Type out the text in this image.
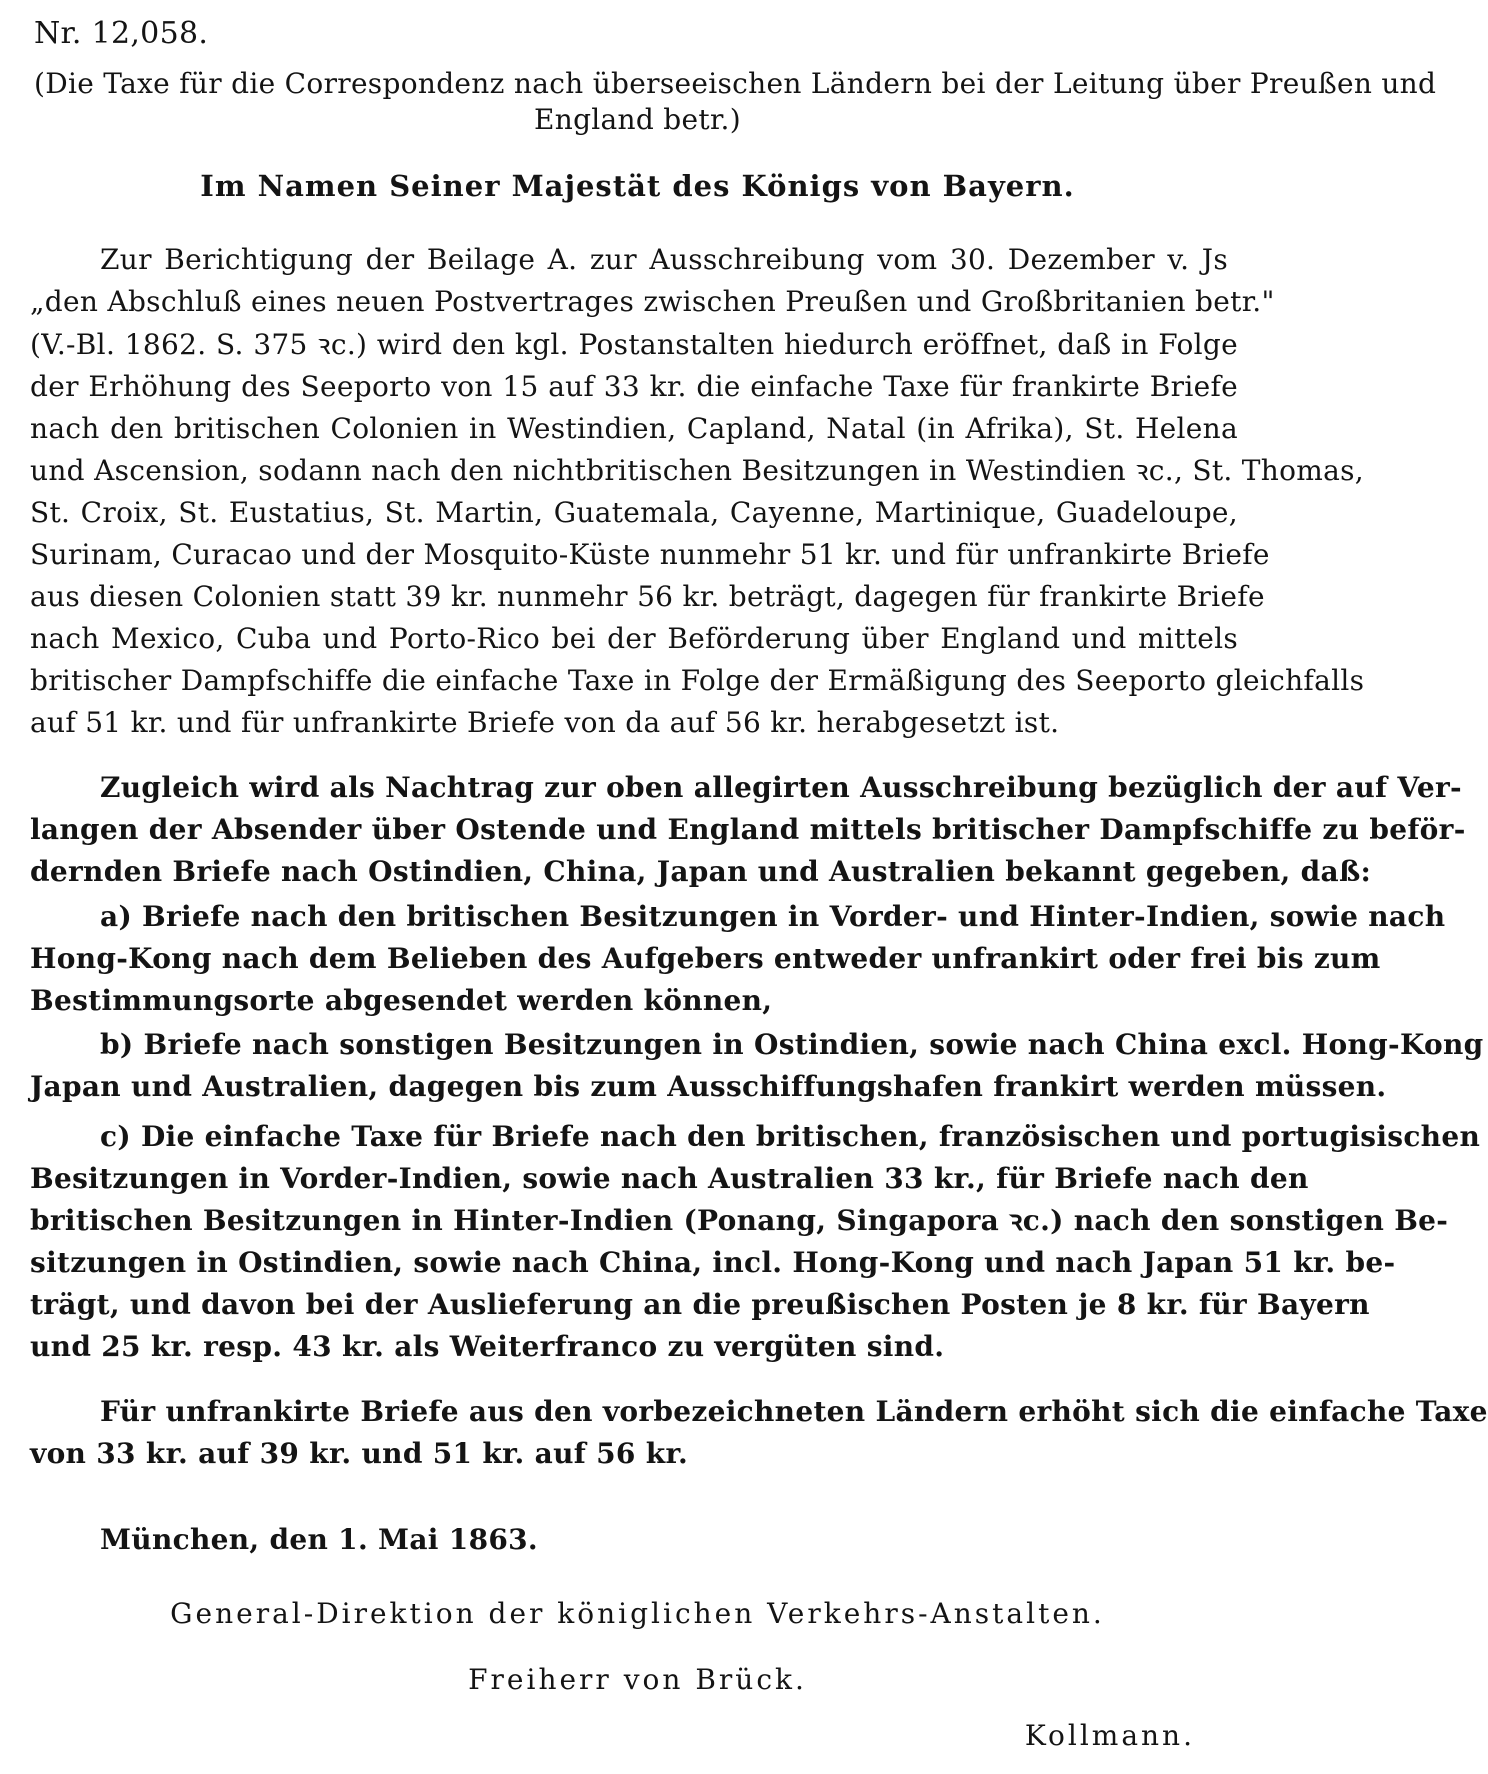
Nr. 12,058.
(Die Taxe für die Correspondenz nach überseeischen Ländern bei der Leitung über Preußen und
England betr.)
Im Namen Seiner Majestät des Königs von Bayern.
Zur Berichtigung der Beilage A. zur Ausschreibung vom 30. Dezember v. Js
„den Abschluß eines neuen Postvertrages zwischen Preußen und Großbritanien betr."
(V.-Bl. 1862. S. 375 ꝛc.) wird den kgl. Postanstalten hiedurch eröffnet, daß in Folge
der Erhöhung des Seeporto von 15 auf 33 kr. die einfache Taxe für frankirte Briefe
nach den britischen Colonien in Westindien, Capland, Natal (in Afrika), St. Helena
und Ascension, sodann nach den nichtbritischen Besitzungen in Westindien ꝛc., St. Thomas,
St. Croix, St. Eustatius, St. Martin, Guatemala, Cayenne, Martinique, Guadeloupe,
Surinam, Curacao und der Mosquito-Küste nunmehr 51 kr. und für unfrankirte Briefe
aus diesen Colonien statt 39 kr. nunmehr 56 kr. beträgt, dagegen für frankirte Briefe
nach Mexico, Cuba und Porto-Rico bei der Beförderung über England und mittels
britischer Dampfschiffe die einfache Taxe in Folge der Ermäßigung des Seeporto gleichfalls
auf 51 kr. und für unfrankirte Briefe von da auf 56 kr. herabgesetzt ist.
Zugleich wird als Nachtrag zur oben allegirten Ausschreibung bezüglich der auf Ver-
langen der Absender über Ostende und England mittels britischer Dampfschiffe zu beför-
dernden Briefe nach Ostindien, China, Japan und Australien bekannt gegeben, daß:
a) Briefe nach den britischen Besitzungen in Vorder- und Hinter-Indien, sowie nach
Hong-Kong nach dem Belieben des Aufgebers entweder unfrankirt oder frei bis zum
Bestimmungsorte abgesendet werden können,
b) Briefe nach sonstigen Besitzungen in Ostindien, sowie nach China excl. Hong-Kong
Japan und Australien, dagegen bis zum Ausschiffungshafen frankirt werden müssen.
c) Die einfache Taxe für Briefe nach den britischen, französischen und portugisischen
Besitzungen in Vorder-Indien, sowie nach Australien 33 kr., für Briefe nach den
britischen Besitzungen in Hinter-Indien (Ponang, Singapora ꝛc.) nach den sonstigen Be-
sitzungen in Ostindien, sowie nach China, incl. Hong-Kong und nach Japan 51 kr. be-
trägt, und davon bei der Auslieferung an die preußischen Posten je 8 kr. für Bayern
und 25 kr. resp. 43 kr. als Weiterfranco zu vergüten sind.
Für unfrankirte Briefe aus den vorbezeichneten Ländern erhöht sich die einfache Taxe
von 33 kr. auf 39 kr. und 51 kr. auf 56 kr.
München, den 1. Mai 1863.
General-Direktion der königlichen Verkehrs-Anstalten.
Freiherr von Brück.
Kollmann.
